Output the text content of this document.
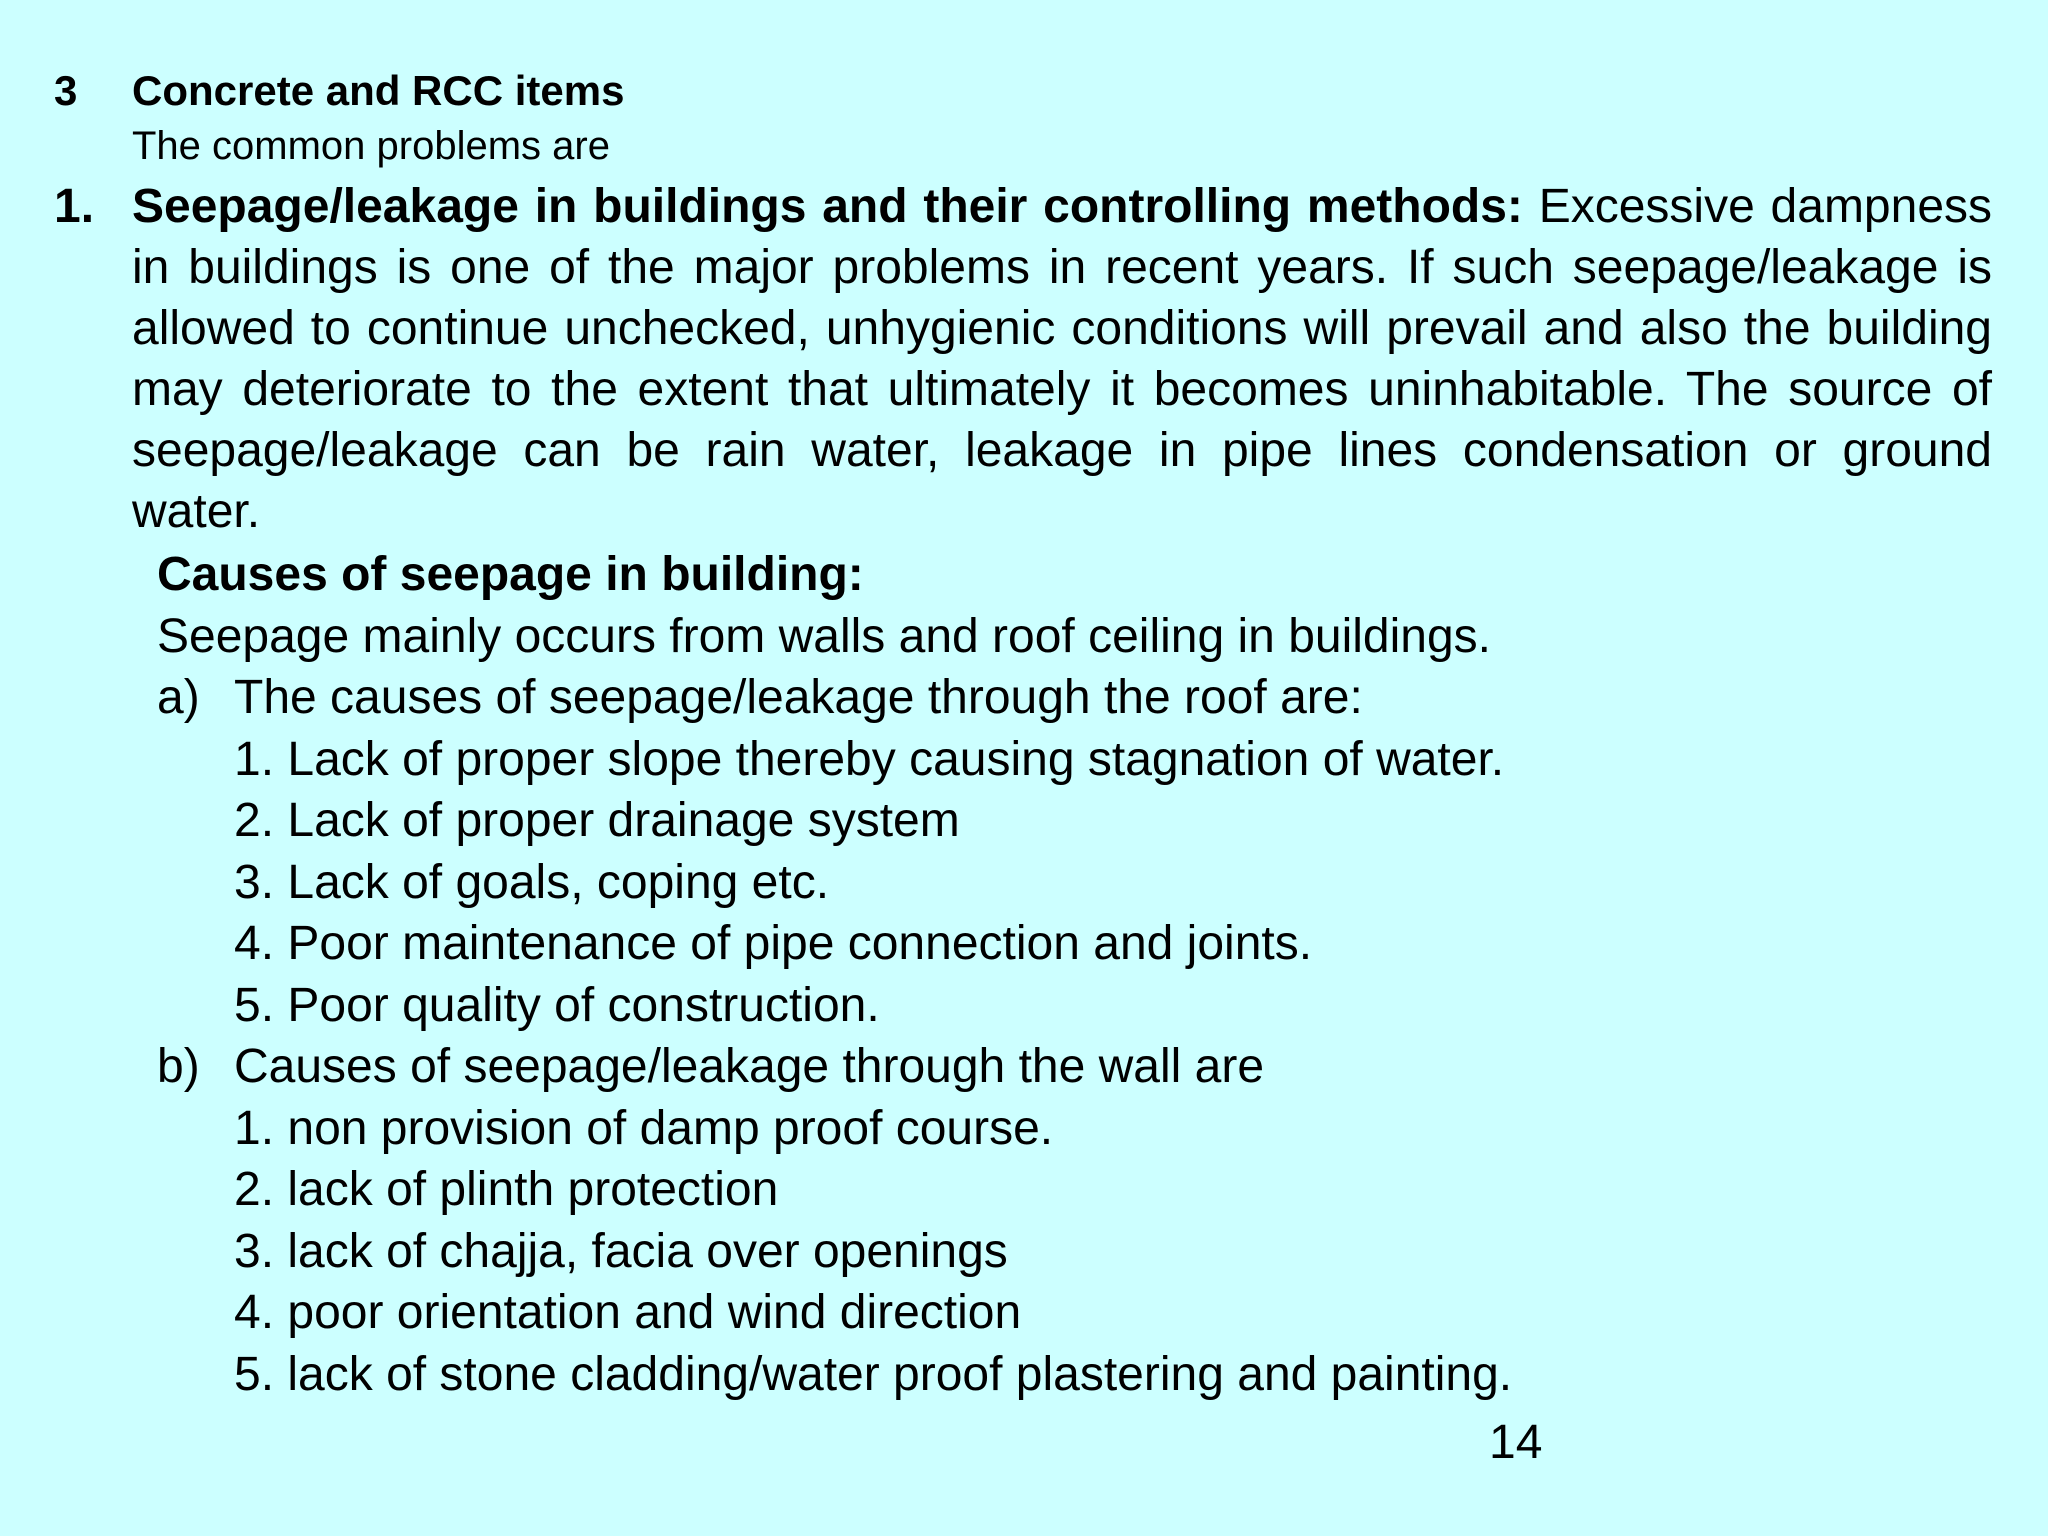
3 Concrete and RCC items
The common problems are
1. Seepage/leakage in buildings and their controlling methods: Excessive dampness in buildings is one of the major problems in recent years. If such seepage/leakage is allowed to continue unchecked, unhygienic conditions will prevail and also the building may deteriorate to the extent that ultimately it becomes uninhabitable. The source of seepage/leakage can be rain water, leakage in pipe lines condensation or ground water.
Causes of seepage in building:
Seepage mainly occurs from walls and roof ceiling in buildings.
a) The causes of seepage/leakage through the roof are:
1. Lack of proper slope thereby causing stagnation of water.
2. Lack of proper drainage system
3. Lack of goals, coping etc.
4. Poor maintenance of pipe connection and joints.
5. Poor quality of construction.
b) Causes of seepage/leakage through the wall are
1. non provision of damp proof course.
2. lack of plinth protection
3. lack of chajja, facia over openings
4. poor orientation and wind direction
5. lack of stone cladding/water proof plastering and painting.
14
